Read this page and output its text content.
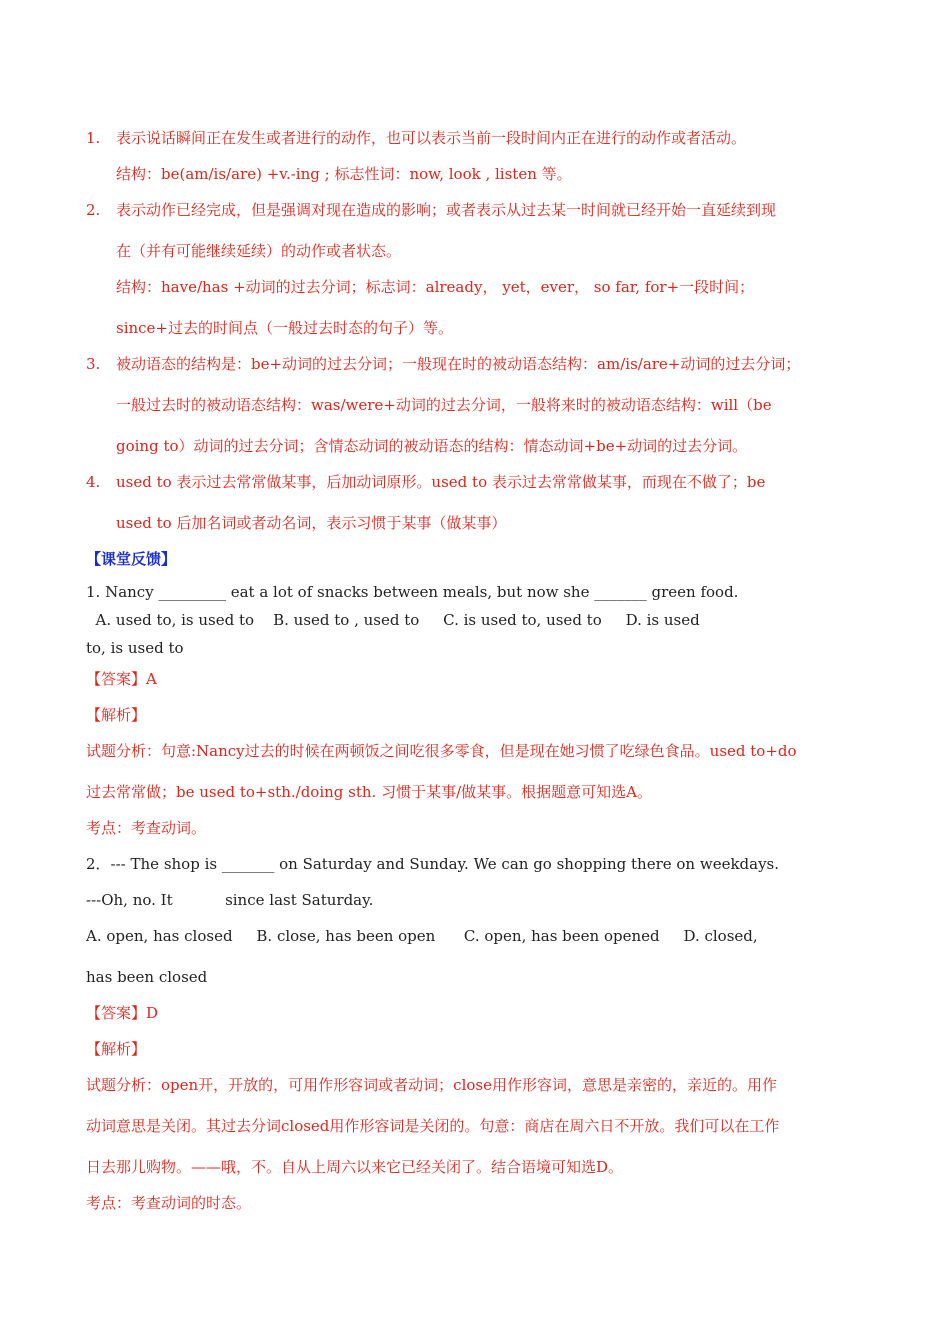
1. 表示说话瞬间正在发生或者进行的动作，也可以表示当前一段时间内正在进行的动作或者活动。
结构：be(am/is/are) +v.-ing ; 标志性词：now, look , listen 等。
2. 表示动作已经完成，但是强调对现在造成的影响；或者表示从过去某一时间就已经开始一直延续到现
在（并有可能继续延续）的动作或者状态。
结构：have/has +动词的过去分词；标志词：already， yet，ever， so far, for+一段时间；
since+过去的时间点（一般过去时态的句子）等。
3. 被动语态的结构是：be+动词的过去分词；一般现在时的被动语态结构：am/is/are+动词的过去分词；
一般过去时的被动语态结构：was/were+动词的过去分词，一般将来时的被动语态结构：will（be
going to）动词的过去分词；含情态动词的被动语态的结构：情态动词+be+动词的过去分词。
4. used to 表示过去常常做某事，后加动词原形。used to 表示过去常常做某事，而现在不做了；be
used to 后加名词或者动名词，表示习惯于某事（做某事）
【课堂反馈】
1. Nancy _________ eat a lot of snacks between meals, but now she _______ green food.
A. used to, is used to    B. used to , used to     C. is used to, used to     D. is used
to, is used to
【答案】A
【解析】
试题分析：句意:Nancy过去的时候在两顿饭之间吃很多零食，但是现在她习惯了吃绿色食品。used to+do
过去常常做；be used to+sth./doing sth. 习惯于某事/做某事。根据题意可知选A。
考点：考查动词。
2．--- The shop is _______ on Saturday and Sunday. We can go shopping there on weekdays.
---Oh, no. It           since last Saturday.
A. open, has closed     B. close, has been open      C. open, has been opened     D. closed,
has been closed
【答案】D
【解析】
试题分析：open开，开放的，可用作形容词或者动词；close用作形容词，意思是亲密的，亲近的。用作
动词意思是关闭。其过去分词closed用作形容词是关闭的。句意：商店在周六日不开放。我们可以在工作
日去那儿购物。——哦，不。自从上周六以来它已经关闭了。结合语境可知选D。
考点：考查动词的时态。
